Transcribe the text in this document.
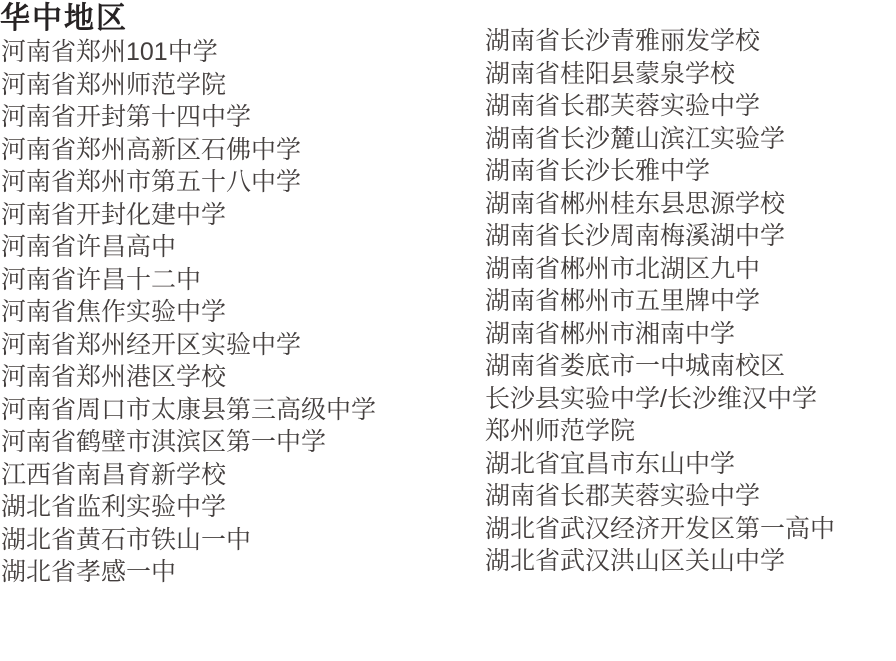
华中地区
河南省郑州101中学
河南省郑州师范学院
河南省开封第十四中学
河南省郑州高新区石佛中学
河南省郑州市第五十八中学
河南省开封化建中学
河南省许昌高中
河南省许昌十二中
河南省焦作实验中学
河南省郑州经开区实验中学
河南省郑州港区学校
河南省周口市太康县第三高级中学
河南省鹤壁市淇滨区第一中学
江西省南昌育新学校
湖北省监利实验中学
湖北省黄石市铁山一中
湖北省孝感一中
湖南省长沙青雅丽发学校
湖南省桂阳县蒙泉学校
湖南省长郡芙蓉实验中学
湖南省长沙麓山滨江实验学
湖南省长沙长雅中学
湖南省郴州桂东县思源学校
湖南省长沙周南梅溪湖中学
湖南省郴州市北湖区九中
湖南省郴州市五里牌中学
湖南省郴州市湘南中学
湖南省娄底市一中城南校区
长沙县实验中学/长沙维汉中学
郑州师范学院
湖北省宜昌市东山中学
湖南省长郡芙蓉实验中学
湖北省武汉经济开发区第一高中
湖北省武汉洪山区关山中学
